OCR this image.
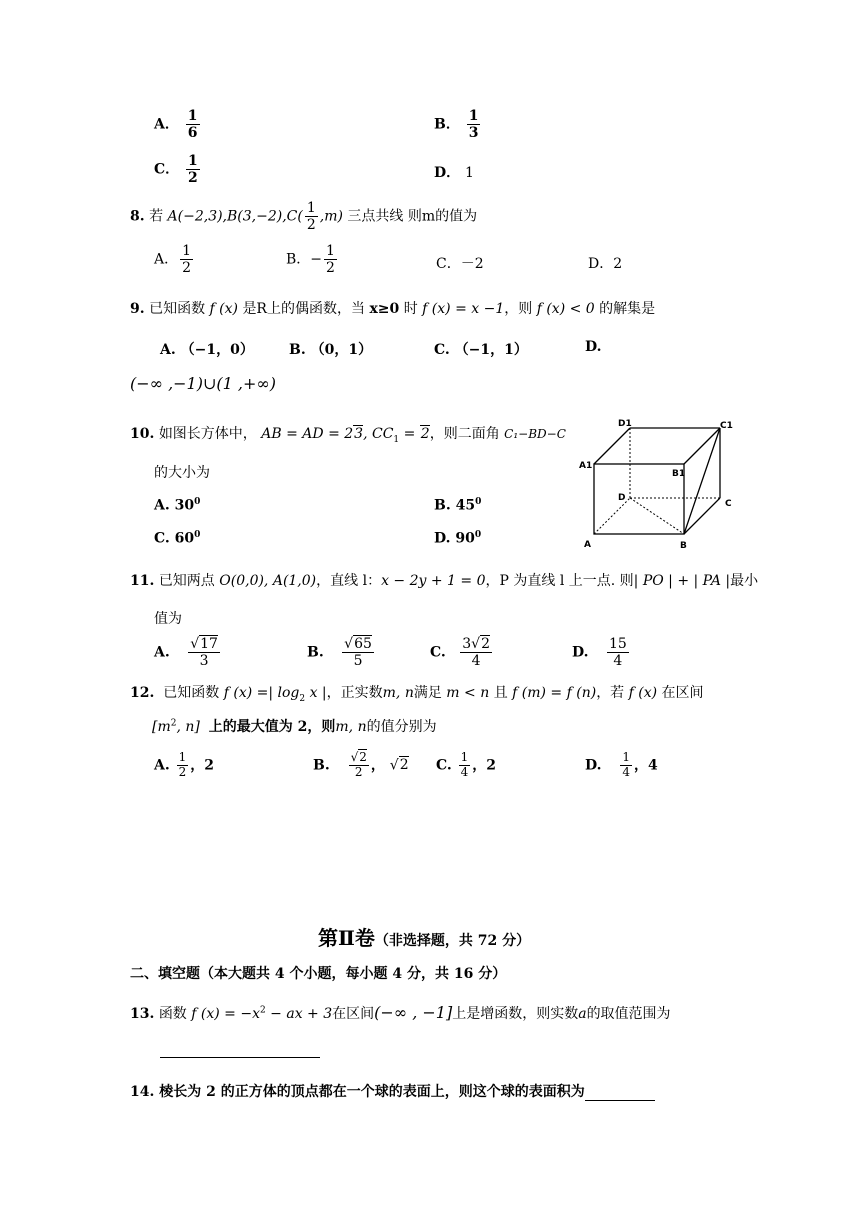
A． $\frac{1}{6}$	B． $\frac{1}{3}$
C． $\frac{1}{2}$	D． 1
8. 若 $A(-2,3),B(3,-2),C( \frac{1}{2} ,m)$ 三点共线 则m的值为
A． $\frac{1}{2}$	B．− $\frac{1}{2}$	C．－2	D．2
9. 已知函数 f (x) 是R上的偶函数，当 x≥0 时 f (x) = x −1，则 f (x) < 0 的解集是
A. （−1，0）	B. （0，1）	C. （−1，1）	D.
(−∞ ,−1)∪(1 ,+∞)
10. 如图长方体中， AB = AD = 23, $CC_1 = 2$，则二面角 C₁−BD−C
的大小为
A. $30^0$	B. $45^0$
C. $60^0$	D. $90^0$
D1	C1
A1
B1
D
C
A	B
11. 已知两点 O(0,0), A(1,0)，直线 l：x − 2y + 1 = 0，P 为直线 l 上一点. 则| PO | + | PA |最小
值为
A. $\frac{√17}{3}$	B. $\frac{√65}{5}$	C. $\frac{3√2}{4}$	D. $\frac{15}{4}$
12. 已知函数 f (x) =| $\log_2 x$ |，正实数m, n满足 m < n 且 f (m) = f (n)，若 f (x) 在区间
[$m^2$, n] 上的最大值为 2，则m, n的值分别为
A. $\frac{1}{2}$ ，2	B. $\frac{√2}{2}$ ， √2 C. $\frac{1}{4}$ ，2	D. $\frac{1}{4}$ ，4
第Ⅱ卷（非选择题，共 72 分）
二、填空题（本大题共 4 个小题，每小题 4 分，共 16 分）
13. 函数 f $(x) = -x^2$ − ax + 3在区间(−∞ , −1]上是增函数，则实数a的取值范围为
14. 棱长为 2 的正方体的顶点都在一个球的表面上，则这个球的表面积为
